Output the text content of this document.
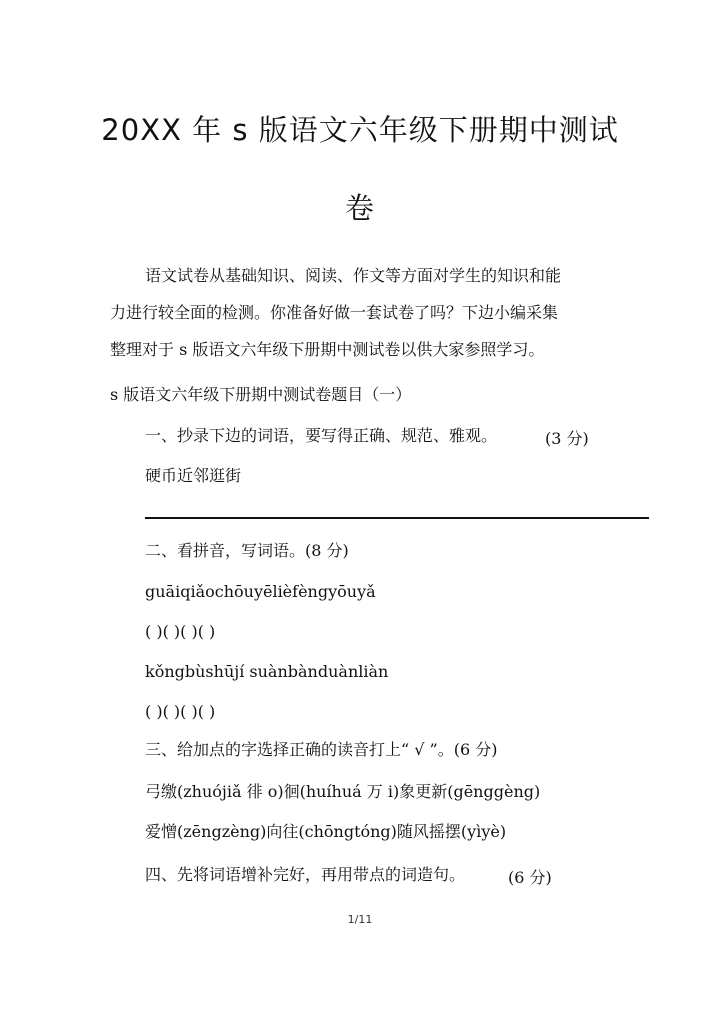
20XX 年 s 版语文六年级下册期中测试
卷
语文试卷从基础知识、阅读、作文等方面对学生的知识和能
力进行较全面的检测。你准备好做一套试卷了吗？下边小编采集
整理对于 s 版语文六年级下册期中测试卷以供大家参照学习。
s 版语文六年级下册期中测试卷题目（一）
一、抄录下边的词语，要写得正确、规范、雅观。	(3 分)
硬币近邻逛街
二、看拼音，写词语。(8 分)
guāiqiǎochōuyēlièfèngyōuyǎ
( )( )( )( )
kǒngbùshūjí suànbànduànliàn
( )( )( )( )
三、给加点的字选择正确的读音打上“ √ ”。(6 分)
弓缴(zhuójiǎ 徘 o)徊(huíhuá 万 i)象更新(gēnggèng)
爱憎(zēngzèng)向往(chōngtóng)随风摇摆(yìyè)
四、先将词语增补完好，再用带点的词造句。	(6 分)
1/11
